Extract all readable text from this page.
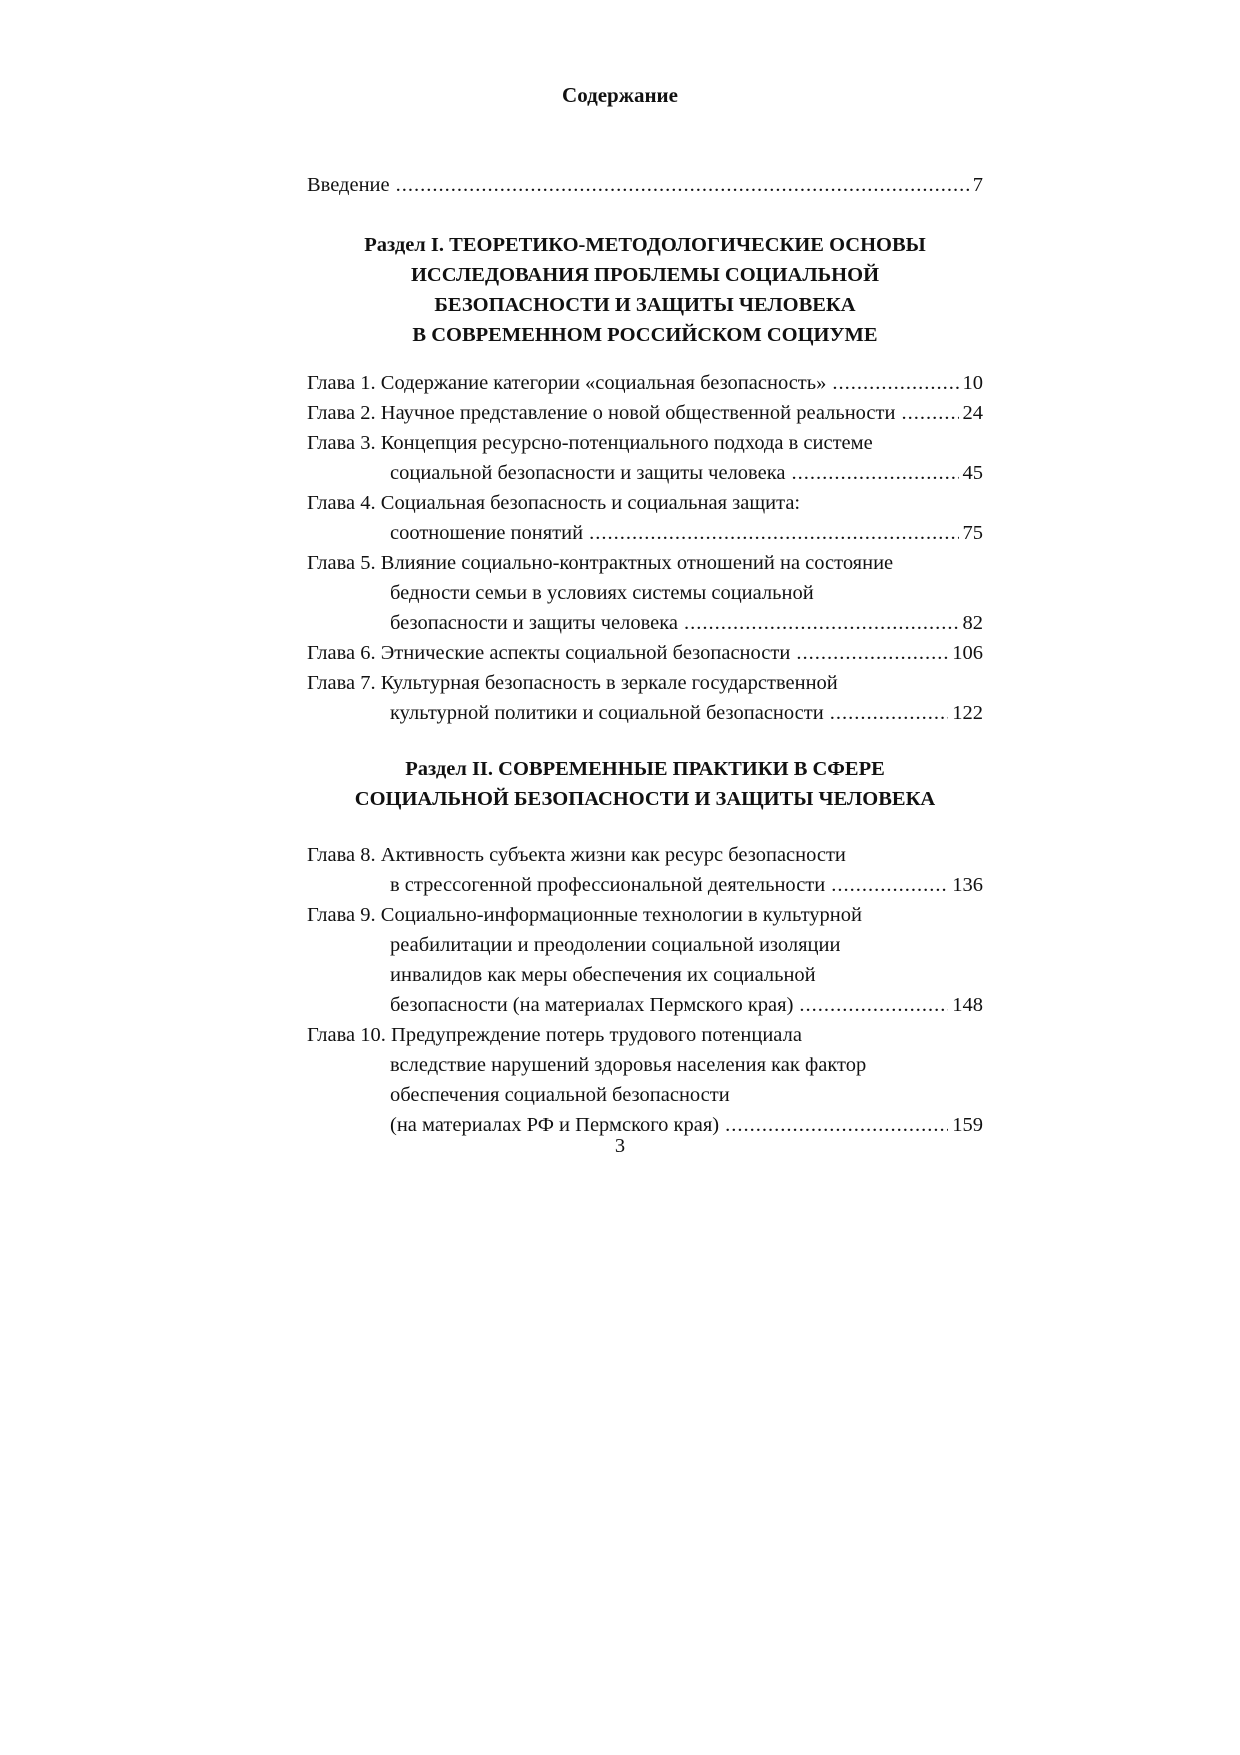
Содержание
Введение .....	7
Раздел I. ТЕОРЕТИКО-МЕТОДОЛОГИЧЕСКИЕ ОСНОВЫ
ИССЛЕДОВАНИЯ ПРОБЛЕМЫ СОЦИАЛЬНОЙ
БЕЗОПАСНОСТИ И ЗАЩИТЫ ЧЕЛОВЕКА
В СОВРЕМЕННОМ РОССИЙСКОМ СОЦИУМЕ
Глава 1. Содержание категории «социальная безопасность» .....	10
Глава 2. Научное представление о новой общественной реальности .....	24
Глава 3. Концепция ресурсно-потенциального подхода в системе
социальной безопасности и защиты человека .....	45
Глава 4. Социальная безопасность и социальная защита:
соотношение понятий .....	75
Глава 5. Влияние социально-контрактных отношений на состояние
бедности семьи в условиях системы социальной
безопасности и защиты человека .....	82
Глава 6. Этнические аспекты социальной безопасности .....	106
Глава 7. Культурная безопасность в зеркале государственной
культурной политики и социальной безопасности .....	122
Раздел II. СОВРЕМЕННЫЕ ПРАКТИКИ В СФЕРЕ
СОЦИАЛЬНОЙ БЕЗОПАСНОСТИ И ЗАЩИТЫ ЧЕЛОВЕКА
Глава 8. Активность субъекта жизни как ресурс безопасности
в стрессогенной профессиональной деятельности .....	136
Глава 9. Социально-информационные технологии в культурной
реабилитации и преодолении социальной изоляции
инвалидов как меры обеспечения их социальной
безопасности (на материалах Пермского края) .....	148
Глава 10. Предупреждение потерь трудового потенциала
вследствие нарушений здоровья населения как фактор
обеспечения социальной безопасности
(на материалах РФ и Пермского края) .....	159
3
